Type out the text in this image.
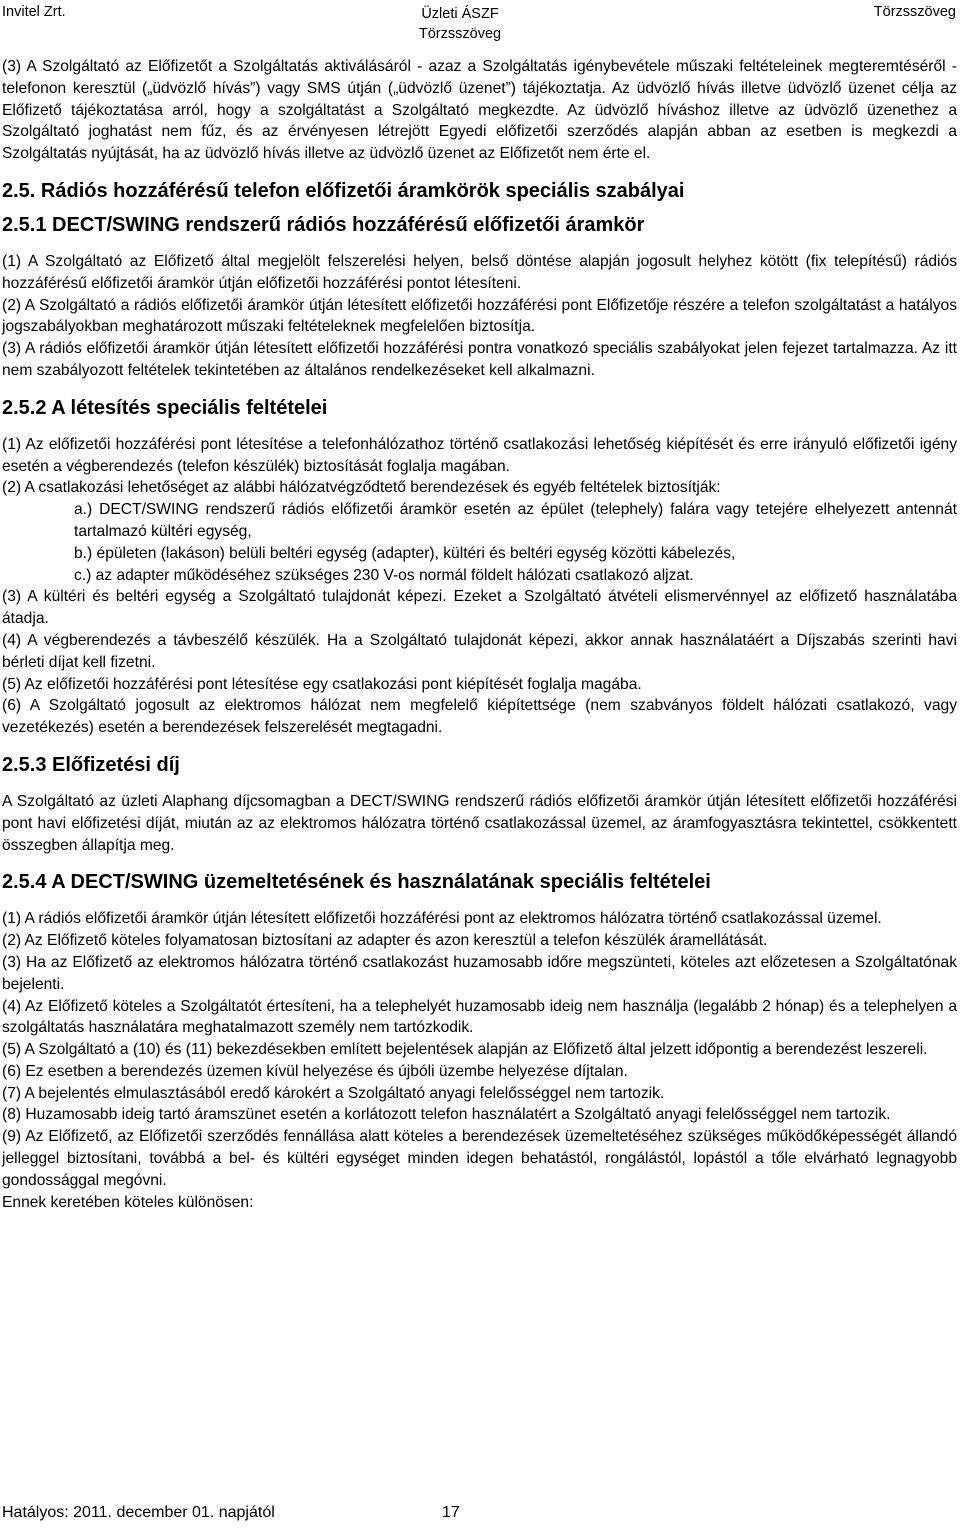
Invitel Zrt.	Üzleti ÁSZF
Törzsszöveg
Törzsszöveg

(3) A Szolgáltató az Előfizetőt a Szolgáltatás aktiválásáról - azaz a Szolgáltatás igénybevétele műszaki feltételeinek megteremtéséről - telefonon keresztül („üdvözlő hívás”) vagy SMS útján („üdvözlő üzenet”) tájékoztatja. Az üdvözlő hívás illetve üdvözlő üzenet célja az Előfizető tájékoztatása arról, hogy a szolgáltatást a Szolgáltató megkezdte. Az üdvözlő híváshoz illetve az üdvözlő üzenethez a Szolgáltató joghatást nem fűz, és az érvényesen létrejött Egyedi előfizetői szerződés alapján abban az esetben is megkezdi a Szolgáltatás nyújtását, ha az üdvözlő hívás illetve az üdvözlő üzenet az Előfizetőt nem érte el.

2.5. Rádiós hozzáférésű telefon előfizetői áramkörök speciális szabályai
2.5.1 DECT/SWING rendszerű rádiós hozzáférésű előfizetői áramkör

(1) A Szolgáltató az Előfizető által megjelölt felszerelési helyen, belső döntése alapján jogosult helyhez kötött (fix telepítésű) rádiós hozzáférésű előfizetői áramkör útján előfizetői hozzáférési pontot létesíteni.

(2) A Szolgáltató a rádiós előfizetői áramkör útján létesített előfizetői hozzáférési pont Előfizetője részére a telefon szolgáltatást a hatályos jogszabályokban meghatározott műszaki feltételeknek megfelelően biztosítja.

(3) A rádiós előfizetői áramkör útján létesített előfizetői hozzáférési pontra vonatkozó speciális szabályokat jelen fejezet tartalmazza. Az itt nem szabályozott feltételek tekintetében az általános rendelkezéseket kell alkalmazni.

2.5.2 A létesítés speciális feltételei

(1) Az előfizetői hozzáférési pont létesítése a telefonhálózathoz történő csatlakozási lehetőség kiépítését és erre irányuló előfizetői igény esetén a végberendezés (telefon készülék) biztosítását foglalja magában.

(2) A csatlakozási lehetőséget az alábbi hálózatvégződtető berendezések és egyéb feltételek biztosítják:

a.) DECT/SWING rendszerű rádiós előfizetői áramkör esetén az épület (telephely) falára vagy tetejére elhelyezett antennát tartalmazó kültéri egység,

b.) épületen (lakáson) belüli beltéri egység (adapter), kültéri és beltéri egység közötti kábelezés,

c.) az adapter működéséhez szükséges 230 V-os normál földelt hálózati csatlakozó aljzat.

(3) A kültéri és beltéri egység a Szolgáltató tulajdonát képezi. Ezeket a Szolgáltató átvételi elismervénnyel az előfizető használatába átadja.

(4) A végberendezés a távbeszélő készülék. Ha a Szolgáltató tulajdonát képezi, akkor annak használatáért a Díjszabás szerinti havi bérleti díjat kell fizetni.

(5) Az előfizetői hozzáférési pont létesítése egy csatlakozási pont kiépítését foglalja magába.

(6) A Szolgáltató jogosult az elektromos hálózat nem megfelelő kiépítettsége (nem szabványos földelt hálózati csatlakozó, vagy vezetékezés) esetén a berendezések felszerelését megtagadni.

2.5.3 Előfizetési díj

A Szolgáltató az üzleti Alaphang díjcsomagban a DECT/SWING rendszerű rádiós előfizetői áramkör útján létesített előfizetői hozzáférési pont havi előfizetési díját, miután az az elektromos hálózatra történő csatlakozással üzemel, az áramfogyasztásra tekintettel, csökkentett összegben állapítja meg.

2.5.4 A DECT/SWING üzemeltetésének és használatának speciális feltételei

(1) A rádiós előfizetői áramkör útján létesített előfizetői hozzáférési pont az elektromos hálózatra történő csatlakozással üzemel.

(2) Az Előfizető köteles folyamatosan biztosítani az adapter és azon keresztül a telefon készülék áramellátását.

(3) Ha az Előfizető az elektromos hálózatra történő csatlakozást huzamosabb időre megszünteti, köteles azt előzetesen a Szolgáltatónak bejelenti.

(4) Az Előfizető köteles a Szolgáltatót értesíteni, ha a telephelyét huzamosabb ideig nem használja (legalább 2 hónap) és a telephelyen a szolgáltatás használatára meghatalmazott személy nem tartózkodik.

(5) A Szolgáltató a (10) és (11) bekezdésekben említett bejelentések alapján az Előfizető által jelzett időpontig a berendezést leszereli.

(6) Ez esetben a berendezés üzemen kívül helyezése és újbóli üzembe helyezése díjtalan.

(7) A bejelentés elmulasztásából eredő károkért a Szolgáltató anyagi felelősséggel nem tartozik.

(8) Huzamosabb ideig tartó áramszünet esetén a korlátozott telefon használatért a Szolgáltató anyagi felelősséggel nem tartozik.

(9) Az Előfizető, az Előfizetői szerződés fennállása alatt köteles a berendezések üzemeltetéséhez szükséges működőképességét állandó jelleggel biztosítani, továbbá a bel- és kültéri egységet minden idegen behatástól, rongálástól, lopástól a tőle elvárható legnagyobb gondossággal megóvni.

Ennek keretében köteles különösen:

Hatályos: 2011. december 01. napjától	17
